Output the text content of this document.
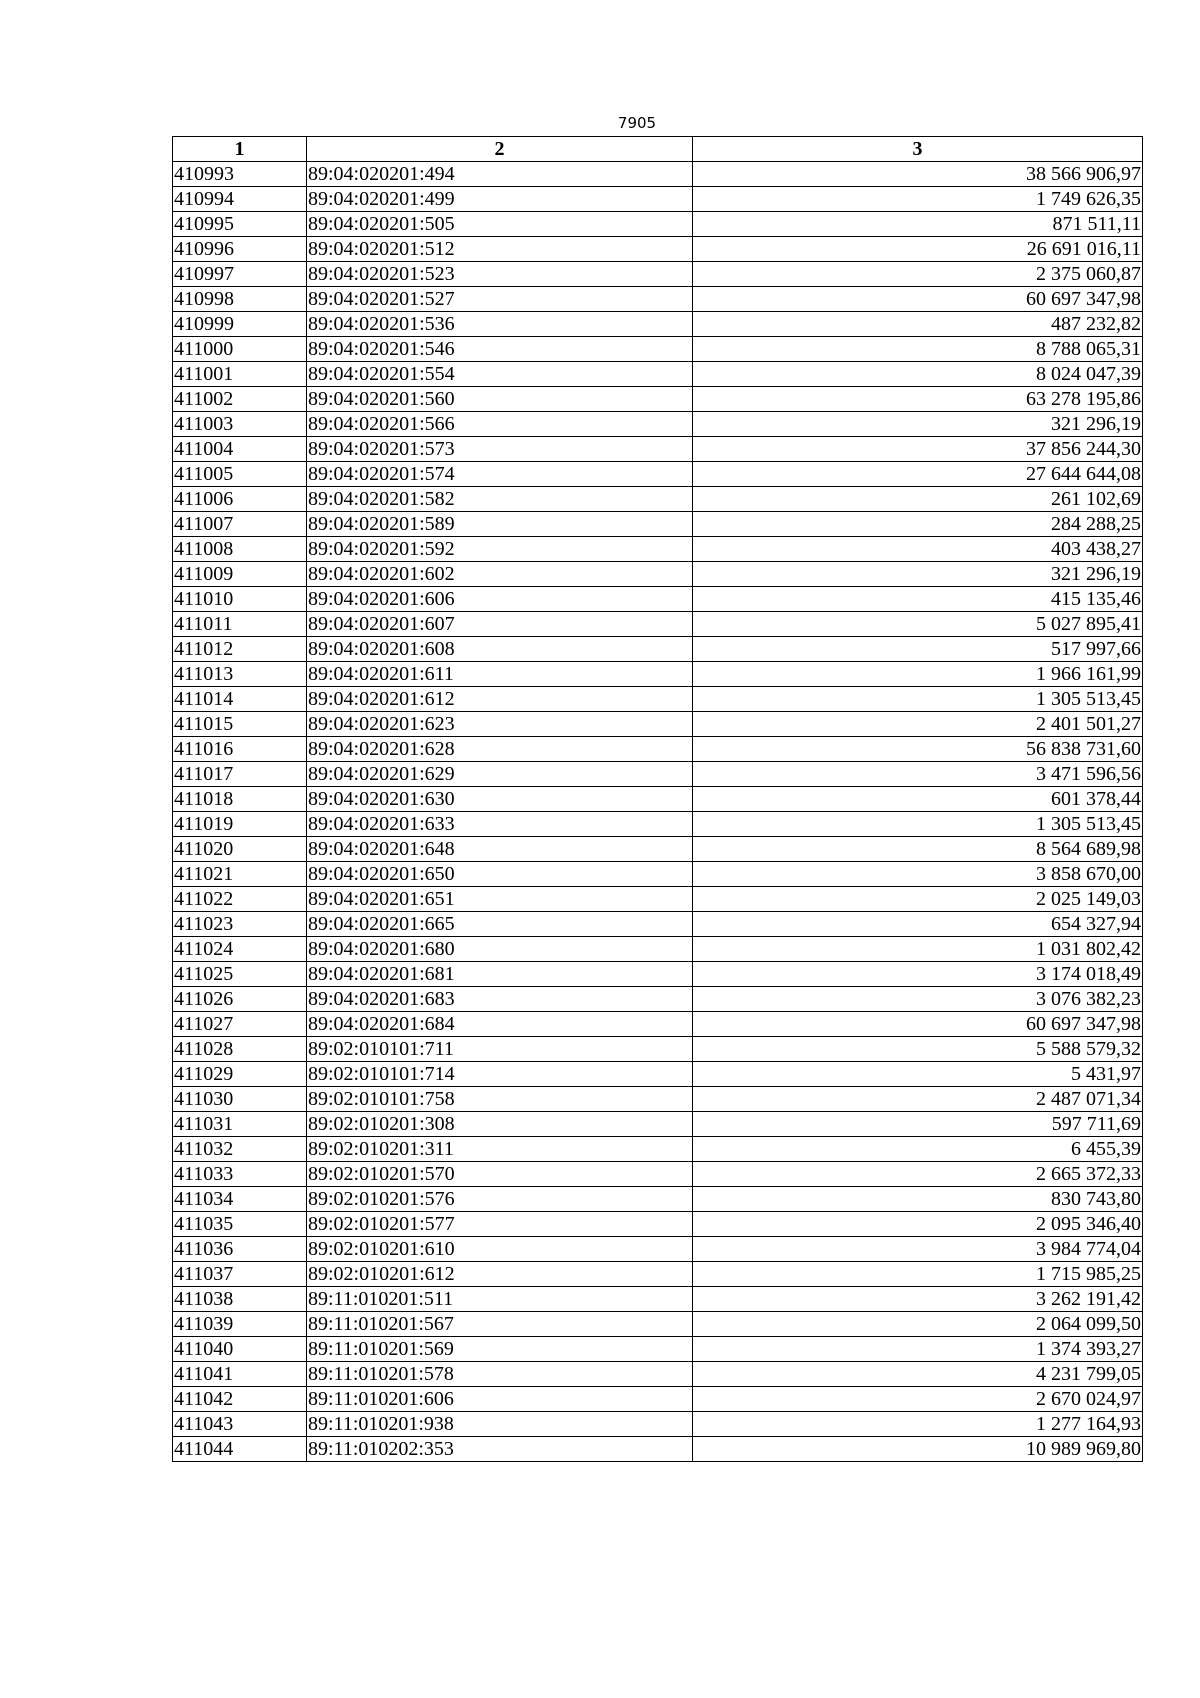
7905
1	2	3
410993	89:04:020201:494	38 566 906,97
410994	89:04:020201:499	1 749 626,35
410995	89:04:020201:505	871 511,11
410996	89:04:020201:512	26 691 016,11
410997	89:04:020201:523	2 375 060,87
410998	89:04:020201:527	60 697 347,98
410999	89:04:020201:536	487 232,82
411000	89:04:020201:546	8 788 065,31
411001	89:04:020201:554	8 024 047,39
411002	89:04:020201:560	63 278 195,86
411003	89:04:020201:566	321 296,19
411004	89:04:020201:573	37 856 244,30
411005	89:04:020201:574	27 644 644,08
411006	89:04:020201:582	261 102,69
411007	89:04:020201:589	284 288,25
411008	89:04:020201:592	403 438,27
411009	89:04:020201:602	321 296,19
411010	89:04:020201:606	415 135,46
411011	89:04:020201:607	5 027 895,41
411012	89:04:020201:608	517 997,66
411013	89:04:020201:611	1 966 161,99
411014	89:04:020201:612	1 305 513,45
411015	89:04:020201:623	2 401 501,27
411016	89:04:020201:628	56 838 731,60
411017	89:04:020201:629	3 471 596,56
411018	89:04:020201:630	601 378,44
411019	89:04:020201:633	1 305 513,45
411020	89:04:020201:648	8 564 689,98
411021	89:04:020201:650	3 858 670,00
411022	89:04:020201:651	2 025 149,03
411023	89:04:020201:665	654 327,94
411024	89:04:020201:680	1 031 802,42
411025	89:04:020201:681	3 174 018,49
411026	89:04:020201:683	3 076 382,23
411027	89:04:020201:684	60 697 347,98
411028	89:02:010101:711	5 588 579,32
411029	89:02:010101:714	5 431,97
411030	89:02:010101:758	2 487 071,34
411031	89:02:010201:308	597 711,69
411032	89:02:010201:311	6 455,39
411033	89:02:010201:570	2 665 372,33
411034	89:02:010201:576	830 743,80
411035	89:02:010201:577	2 095 346,40
411036	89:02:010201:610	3 984 774,04
411037	89:02:010201:612	1 715 985,25
411038	89:11:010201:511	3 262 191,42
411039	89:11:010201:567	2 064 099,50
411040	89:11:010201:569	1 374 393,27
411041	89:11:010201:578	4 231 799,05
411042	89:11:010201:606	2 670 024,97
411043	89:11:010201:938	1 277 164,93
411044	89:11:010202:353	10 989 969,80
